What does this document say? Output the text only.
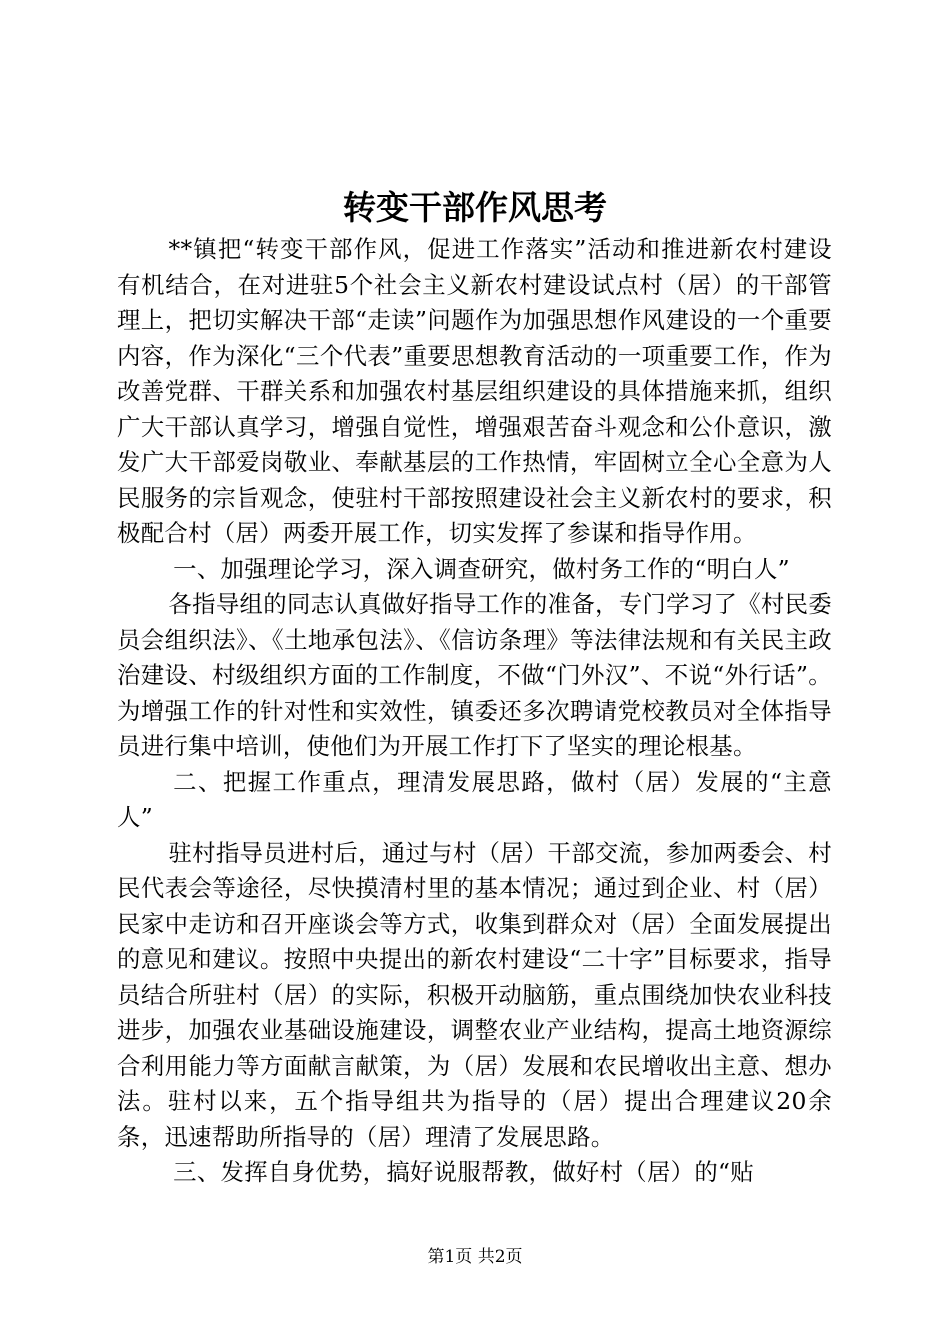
转变干部作风思考

**镇把“转变干部作风，促进工作落实”活动和推进新农村建设有机结合，在对进驻5个社会主义新农村建设试点村（居）的干部管理上，把切实解决干部“走读”问题作为加强思想作风建设的一个重要内容，作为深化“三个代表”重要思想教育活动的一项重要工作，作为改善党群、干群关系和加强农村基层组织建设的具体措施来抓，组织广大干部认真学习，增强自觉性，增强艰苦奋斗观念和公仆意识，激发广大干部爱岗敬业、奉献基层的工作热情，牢固树立全心全意为人民服务的宗旨观念，使驻村干部按照建设社会主义新农村的要求，积极配合村（居）两委开展工作，切实发挥了参谋和指导作用。

一、加强理论学习，深入调查研究，做村务工作的“明白人”

各指导组的同志认真做好指导工作的准备，专门学习了《村民委员会组织法》、《土地承包法》、《信访条理》等法律法规和有关民主政治建设、村级组织方面的工作制度，不做“门外汉”、不说“外行话”。为增强工作的针对性和实效性，镇委还多次聘请党校教员对全体指导员进行集中培训，使他们为开展工作打下了坚实的理论根基。

二、把握工作重点，理清发展思路，做村（居）发展的“主意人”

驻村指导员进村后，通过与村（居）干部交流，参加两委会、村民代表会等途径，尽快摸清村里的基本情况；通过到企业、村（居）民家中走访和召开座谈会等方式，收集到群众对（居）全面发展提出的意见和建议。按照中央提出的新农村建设“二十字”目标要求，指导员结合所驻村（居）的实际，积极开动脑筋，重点围绕加快农业科技进步，加强农业基础设施建设，调整农业产业结构，提高土地资源综合利用能力等方面献言献策，为（居）发展和农民增收出主意、想办法。驻村以来，五个指导组共为指导的（居）提出合理建议20余条，迅速帮助所指导的（居）理清了发展思路。

三、发挥自身优势，搞好说服帮教，做好村（居）的“贴

第1页 共2页
